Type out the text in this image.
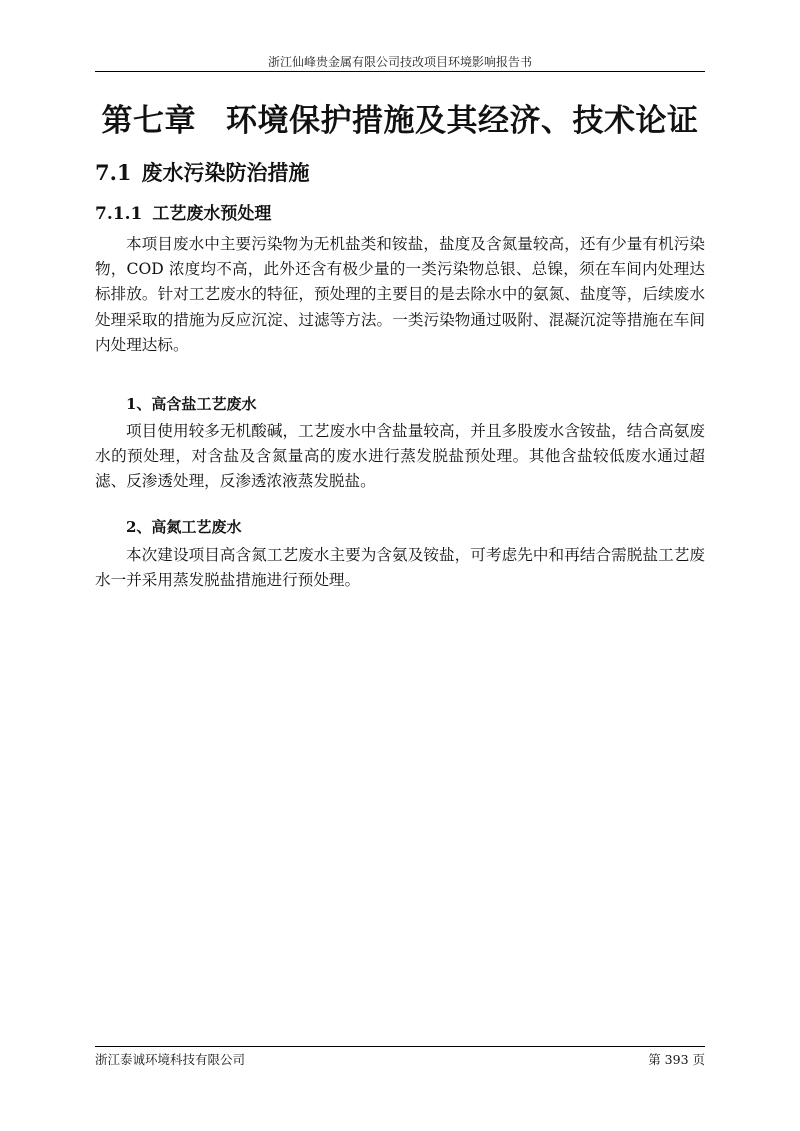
浙江仙峰贵金属有限公司技改项目环境影响报告书
第七章 环境保护措施及其经济、技术论证
7.1 废水污染防治措施
7.1.1 工艺废水预处理

本项目废水中主要污染物为无机盐类和铵盐，盐度及含氮量较高，还有少量有机污染物，COD 浓度均不高，此外还含有极少量的一类污染物总银、总镍，须在车间内处理达标排放。针对工艺废水的特征，预处理的主要目的是去除水中的氨氮、盐度等，后续废水处理采取的措施为反应沉淀、过滤等方法。一类污染物通过吸附、混凝沉淀等措施在车间内处理达标。

1、高含盐工艺废水

项目使用较多无机酸碱，工艺废水中含盐量较高，并且多股废水含铵盐，结合高氨废水的预处理，对含盐及含氮量高的废水进行蒸发脱盐预处理。其他含盐较低废水通过超滤、反渗透处理，反渗透浓液蒸发脱盐。

2、高氮工艺废水

本次建设项目高含氮工艺废水主要为含氨及铵盐，可考虑先中和再结合需脱盐工艺废水一并采用蒸发脱盐措施进行预处理。

浙江泰诚环境科技有限公司	第 393 页
